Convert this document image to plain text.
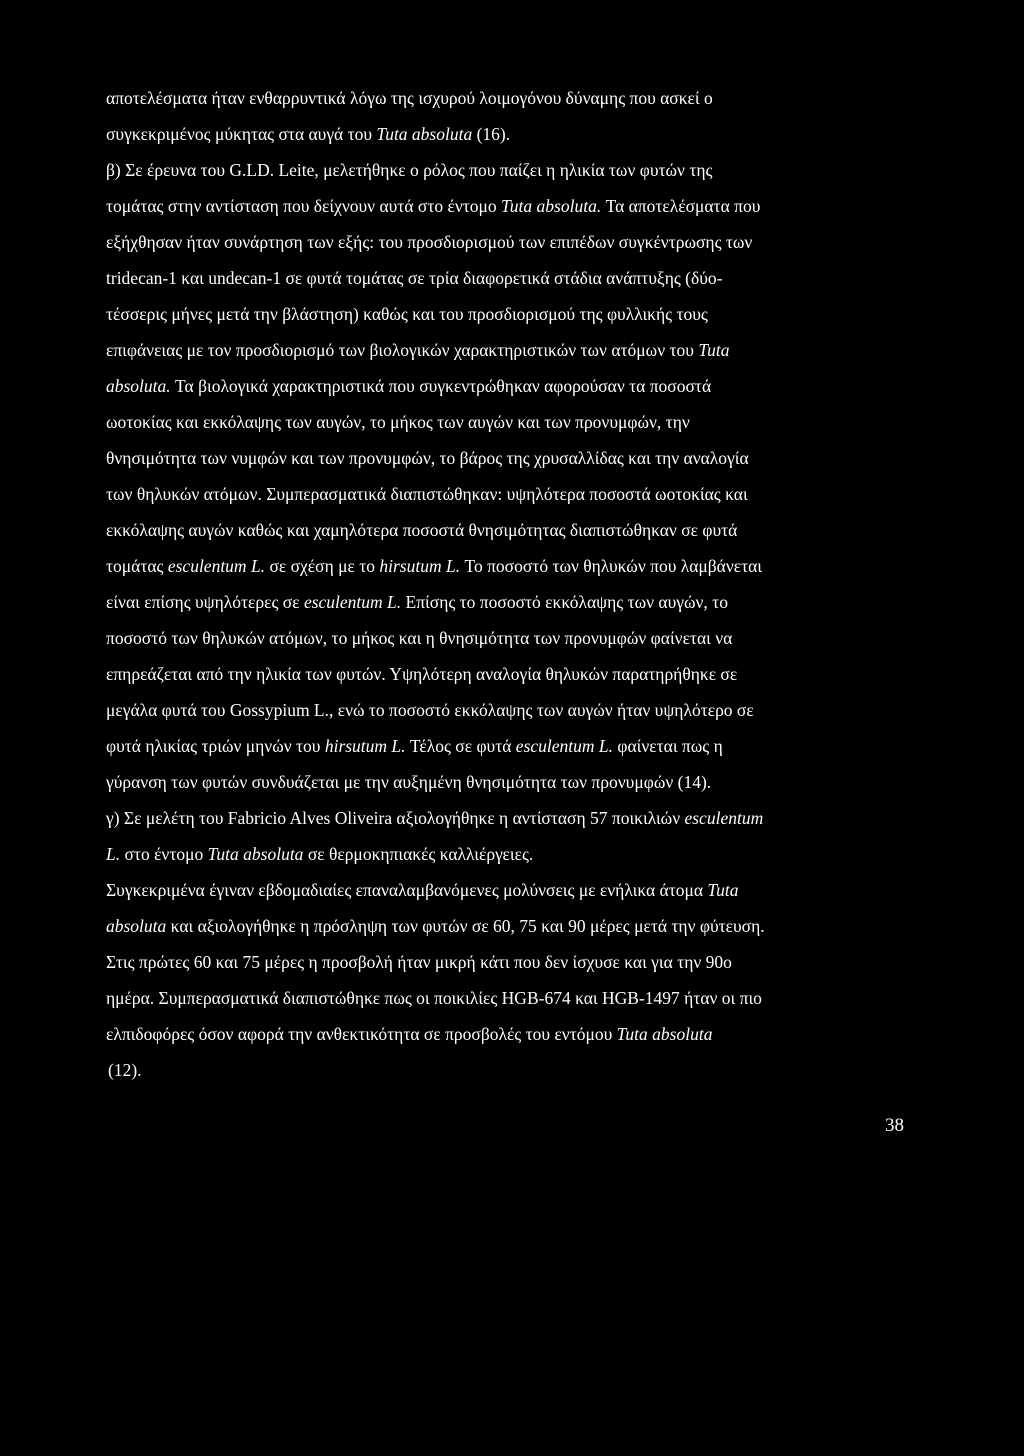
αποτελέσματα ήταν ενθαρρυντικά λόγω της ισχυρού λοιμογόνου δύναμης που ασκεί ο
συγκεκριμένος μύκητας στα αυγά του Tuta absoluta (16).
β) Σε έρευνα του G.LD. Leite, μελετήθηκε ο ρόλος που παίζει η ηλικία των φυτών της
τομάτας στην αντίσταση που δείχνουν αυτά στο έντομο Tuta absoluta. Τα αποτελέσματα που
εξήχθησαν ήταν συνάρτηση των εξής: του προσδιορισμού των επιπέδων συγκέντρωσης των
tridecan-1 και undecan-1 σε φυτά τομάτας σε τρία διαφορετικά στάδια ανάπτυξης (δύο-
τέσσερις μήνες μετά την βλάστηση) καθώς και του προσδιορισμού της φυλλικής τους
επιφάνειας με τον προσδιορισμό των βιολογικών χαρακτηριστικών των ατόμων του Tuta
absoluta. Τα βιολογικά χαρακτηριστικά που συγκεντρώθηκαν αφορούσαν τα ποσοστά
ωοτοκίας και εκκόλαψης των αυγών, το μήκος των αυγών και των προνυμφών, την
θνησιμότητα των νυμφών και των προνυμφών, το βάρος της χρυσαλλίδας και την αναλογία
των θηλυκών ατόμων. Συμπερασματικά διαπιστώθηκαν: υψηλότερα ποσοστά ωοτοκίας και
εκκόλαψης αυγών καθώς και χαμηλότερα ποσοστά θνησιμότητας διαπιστώθηκαν σε φυτά
τομάτας esculentum L. σε σχέση με το hirsutum L. Το ποσοστό των θηλυκών που λαμβάνεται
είναι επίσης υψηλότερες σε esculentum L. Επίσης το ποσοστό εκκόλαψης των αυγών, το
ποσοστό των θηλυκών ατόμων, το μήκος και η θνησιμότητα των προνυμφών φαίνεται να
επηρεάζεται από την ηλικία των φυτών. Υψηλότερη αναλογία θηλυκών παρατηρήθηκε σε
μεγάλα φυτά του Gossypium L., ενώ το ποσοστό εκκόλαψης των αυγών ήταν υψηλότερο σε
φυτά ηλικίας τριών μηνών του hirsutum L. Τέλος σε φυτά esculentum L. φαίνεται πως η
γύρανση των φυτών συνδυάζεται με την αυξημένη θνησιμότητα των προνυμφών (14).
γ) Σε μελέτη του Fabricio Alves Oliveira αξιολογήθηκε η αντίσταση 57 ποικιλιών esculentum
L. στο έντομο Tuta absoluta σε θερμοκηπιακές καλλιέργειες.
Συγκεκριμένα έγιναν εβδομαδιαίες επαναλαμβανόμενες μολύνσεις με ενήλικα άτομα Tuta
absoluta και αξιολογήθηκε η πρόσληψη των φυτών σε 60, 75 και 90 μέρες μετά την φύτευση.
Στις πρώτες 60 και 75 μέρες η προσβολή ήταν μικρή κάτι που δεν ίσχυσε και για την 90ο
ημέρα. Συμπερασματικά διαπιστώθηκε πως οι ποικιλίες HGB-674 και HGB-1497 ήταν οι πιο
ελπιδοφόρες όσον αφορά την ανθεκτικότητα σε προσβολές του εντόμου Tuta absoluta
(12).
38
